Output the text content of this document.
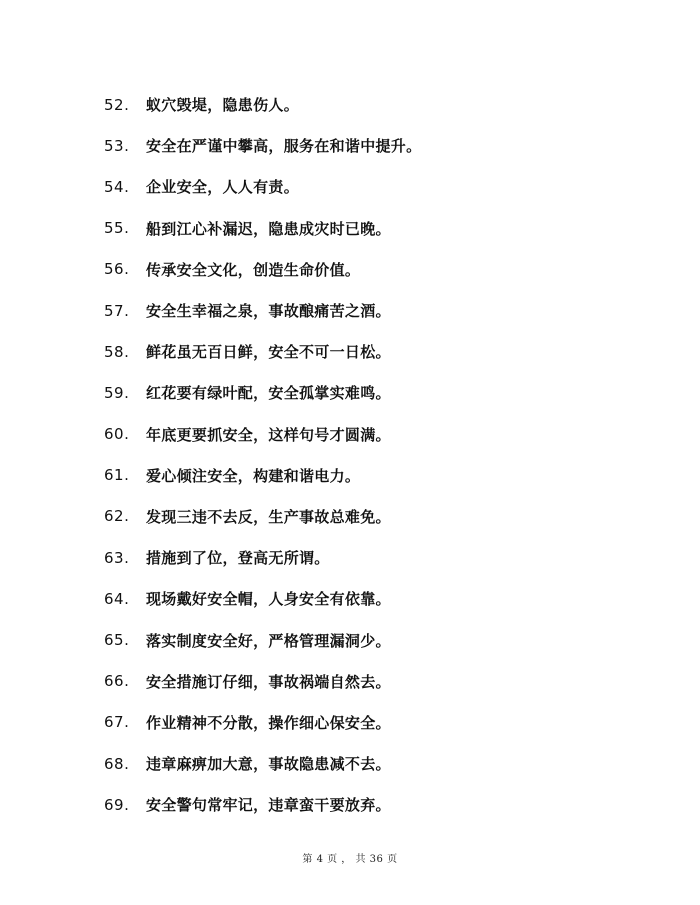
52.	蚁穴毁堤，隐患伤人。
53.	安全在严谨中攀高，服务在和谐中提升。
54.	企业安全，人人有责。
55.	船到江心补漏迟，隐患成灾时已晚。
56.	传承安全文化，创造生命价值。
57.	安全生幸福之泉，事故酿痛苦之酒。
58.	鲜花虽无百日鲜，安全不可一日松。
59.	红花要有绿叶配，安全孤掌实难鸣。
60.	年底更要抓安全，这样句号才圆满。
61.	爱心倾注安全，构建和谐电力。
62.	发现三违不去反，生产事故总难免。
63.	措施到了位，登高无所谓。
64.	现场戴好安全帽，人身安全有依靠。
65.	落实制度安全好，严格管理漏洞少。
66.	安全措施订仔细，事故祸端自然去。
67.	作业精神不分散，操作细心保安全。
68.	违章麻痹加大意，事故隐患减不去。
69.	安全警句常牢记，违章蛮干要放弃。
第 4 页 ， 共 36 页
